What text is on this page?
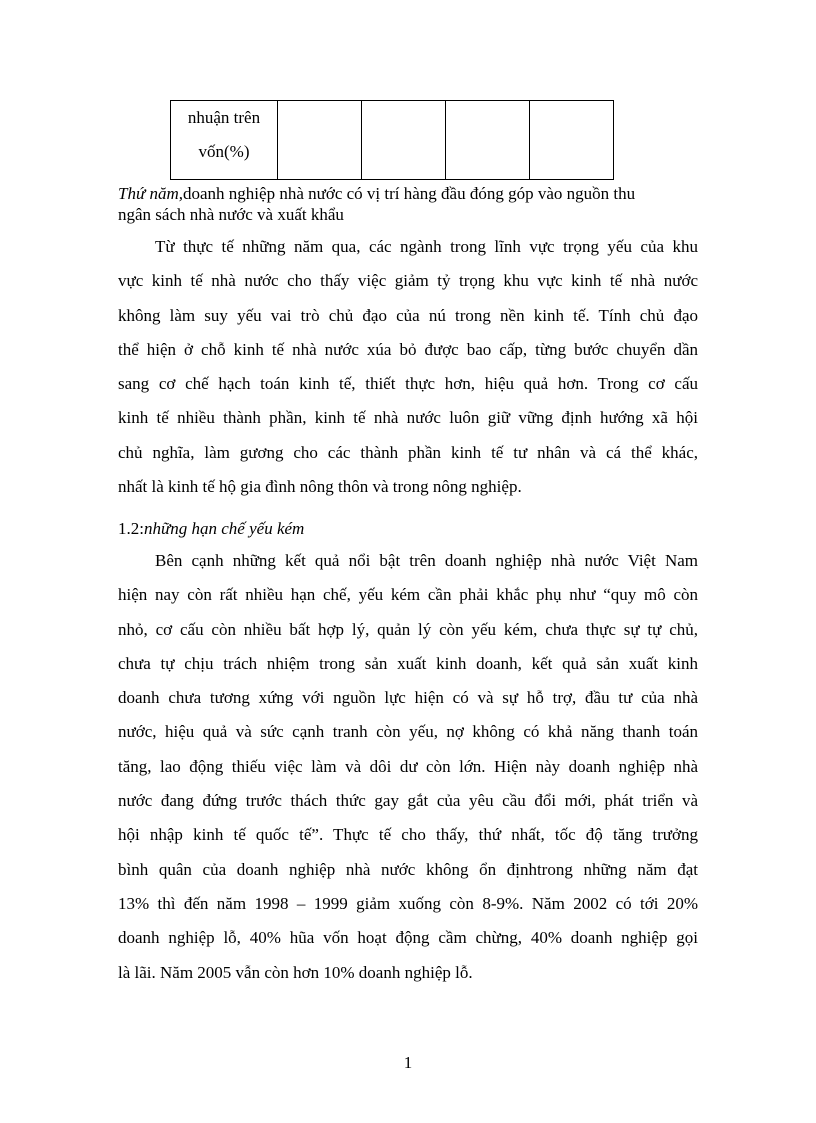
nhuận trên
vốn(%)

Thứ năm,doanh nghiệp nhà nước có vị trí hàng đầu đóng góp vào nguồn thu
ngân sách nhà nước và xuất khẩu
Từ thực tế những năm qua, các ngành trong lĩnh vực trọng yếu của khu
vực kinh tế nhà nước cho thấy việc giảm tỷ trọng khu vực kinh tế nhà nước
không làm suy yếu vai trò chủ đạo của nú trong nền kinh tế. Tính chủ đạo
thể hiện ở chỗ kinh tế nhà nước xúa bỏ được bao cấp, từng bước chuyển dần
sang cơ chế hạch toán kinh tế, thiết thực hơn, hiệu quả hơn. Trong cơ cấu
kinh tế nhiều thành phần, kinh tế nhà nước luôn giữ vững định hướng xã hội
chủ nghĩa, làm gương cho các thành phần kinh tế tư nhân và cá thể khác,
nhất là kinh tế hộ gia đình nông thôn và trong nông nghiệp.
1.2:những hạn chế yếu kém
Bên cạnh những kết quả nổi bật trên doanh nghiệp nhà nước Việt Nam
hiện nay còn rất nhiều hạn chế, yếu kém cần phải khắc phụ như “quy mô còn
nhỏ, cơ cấu còn nhiều bất hợp lý, quản lý còn yếu kém, chưa thực sự tự chủ,
chưa tự chịu trách nhiệm trong sản xuất kinh doanh, kết quả sản xuất kinh
doanh chưa tương xứng với nguồn lực hiện có và sự hỗ trợ, đầu tư của nhà
nước, hiệu quả và sức cạnh tranh còn yếu, nợ không có khả năng thanh toán
tăng, lao động thiếu việc làm và dôi dư còn lớn. Hiện này doanh nghiệp nhà
nước đang đứng trước thách thức gay gắt của yêu cầu đổi mới, phát triển và
hội nhập kinh tế quốc tế”. Thực tế cho thấy, thứ nhất, tốc độ tăng trưởng
bình quân của doanh nghiệp nhà nước không ổn địnhtrong những năm đạt
13% thì đến năm 1998 – 1999 giảm xuống còn 8-9%. Năm 2002 có tới 20%
doanh nghiệp lỗ, 40% hũa vốn hoạt động cầm chừng, 40% doanh nghiệp gọi
là lãi. Năm 2005 vẫn còn hơn 10% doanh nghiệp lỗ.
1
